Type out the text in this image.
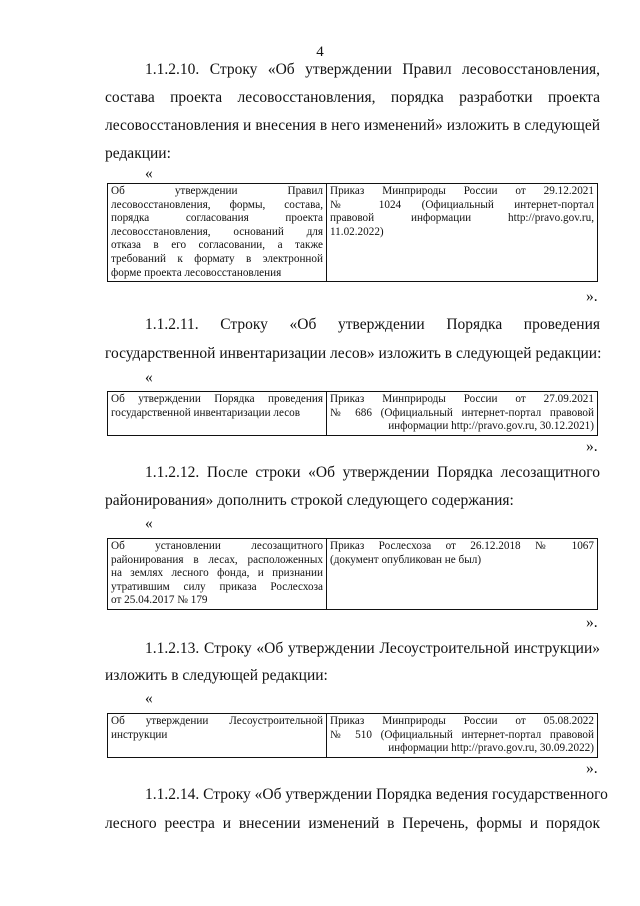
4
1.1.2.10. Строку «Об утверждении Правил лесовосстановления,
состава проекта лесовосстановления, порядка разработки проекта
лесовосстановления и внесения в него изменений» изложить в следующей
редакции:
«
Об утверждении Правил
лесовосстановления, формы, состава,
порядка согласования проекта
лесовосстановления, оснований для
отказа в его согласовании, а также
требований к формату в электронной
форме проекта лесовосстановления

Приказ Минприроды России от 29.12.2021
№ 1024 (Официальный интернет-портал
правовой информации http://pravo.gov.ru,
11.02.2022)
».
1.1.2.11. Строку «Об утверждении Порядка проведения
государственной инвентаризации лесов» изложить в следующей редакции:
«
Об утверждении Порядка проведения
государственной инвентаризации лесов

Приказ Минприроды России от 27.09.2021
№ 686 (Официальный интернет-портал правовой
информации http://pravo.gov.ru, 30.12.2021)
».
1.1.2.12. После строки «Об утверждении Порядка лесозащитного
районирования» дополнить строкой следующего содержания:
«
Об установлении лесозащитного
районирования в лесах, расположенных
на землях лесного фонда, и признании
утратившим силу приказа Рослесхоза
от 25.04.2017 № 179

Приказ Рослесхоза от 26.12.2018 № 1067
(документ опубликован не был)
».
1.1.2.13. Строку «Об утверждении Лесоустроительной инструкции»
изложить в следующей редакции:
«
Об утверждении Лесоустроительной
инструкции

Приказ Минприроды России от 05.08.2022
№ 510 (Официальный интернет-портал правовой
информации http://pravo.gov.ru, 30.09.2022)
».
1.1.2.14. Строку «Об утверждении Порядка ведения государственного
лесного реестра и внесении изменений в Перечень, формы и порядок
